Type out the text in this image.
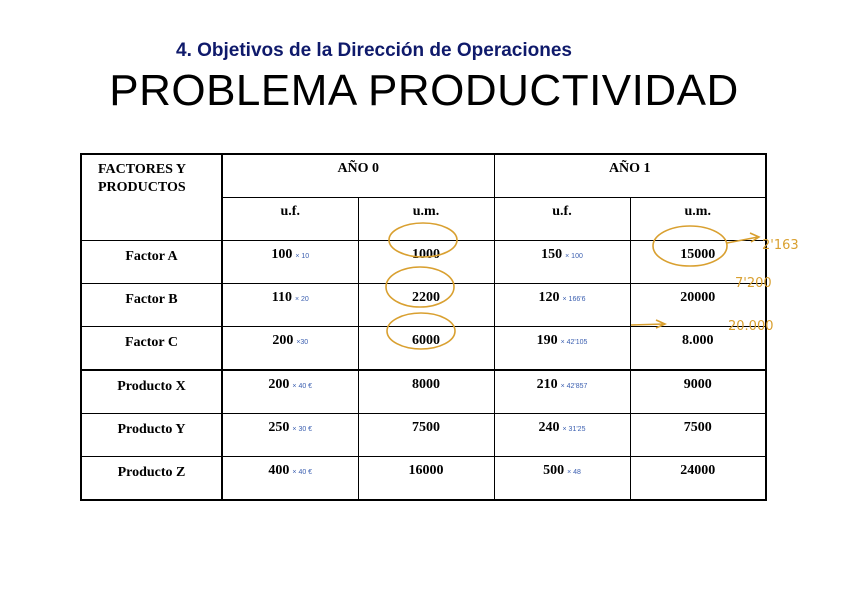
4. Objetivos de la Dirección de Operaciones
PROBLEMA PRODUCTIVIDAD
FACTORES Y PRODUCTOS	AÑO 0		AÑO 1	

	u.f.	u.m.	u.f.	u.m.

Factor A	100 × 10	1000	150 × 100	15000

Factor B	110 × 20	2200	120 × 166'6	20000

Factor C	200 ×30	6000	190 × 42'105	8.000

Producto X	200 × 40 €	8000	210 × 42'857	9000

Producto Y	250 × 30 €	7500	240 × 31'25	7500

Producto Z	400 × 40 €	16000	500 × 48	24000
2'163
7'200
20.000
